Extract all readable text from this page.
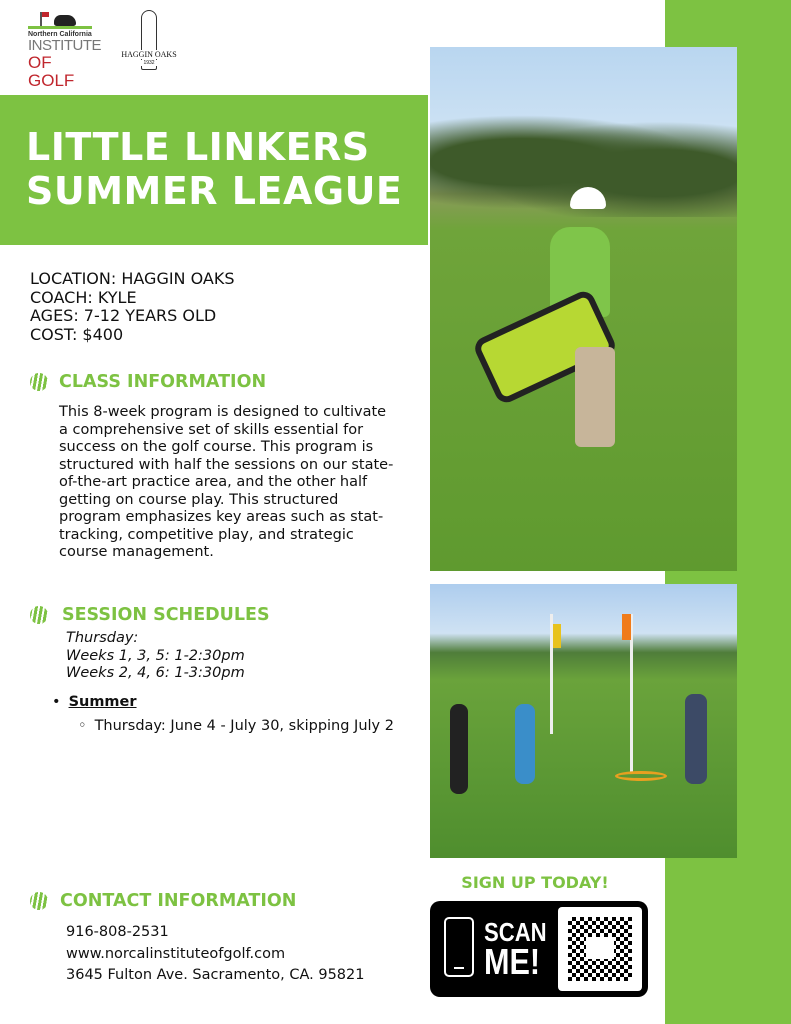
Northern California
INSTITUTE
OF GOLF
HAGGIN OAKS
1932
LITTLE LINKERS
SUMMER LEAGUE
LOCATION: HAGGIN OAKS
COACH: KYLE
AGES: 7-12 YEARS OLD
COST: $400
CLASS INFORMATION
This 8-week program is designed to cultivate a comprehensive set of skills essential for success on the golf course. This program is structured with half the sessions on our state-of-the-art practice area, and the other half getting on course play. This structured program emphasizes key areas such as stat-tracking, competitive play, and strategic course management.
SESSION SCHEDULES
Thursday:
Weeks 1, 3, 5: 1-2:30pm
Weeks 2, 4, 6: 1-3:30pm
• Summer
◦ Thursday: June 4 - July 30, skipping July 2
CONTACT INFORMATION
916-808-2531
www.norcalinstituteofgolf.com
3645 Fulton Ave. Sacramento, CA. 95821
SIGN UP TODAY!
SCAN
ME!
